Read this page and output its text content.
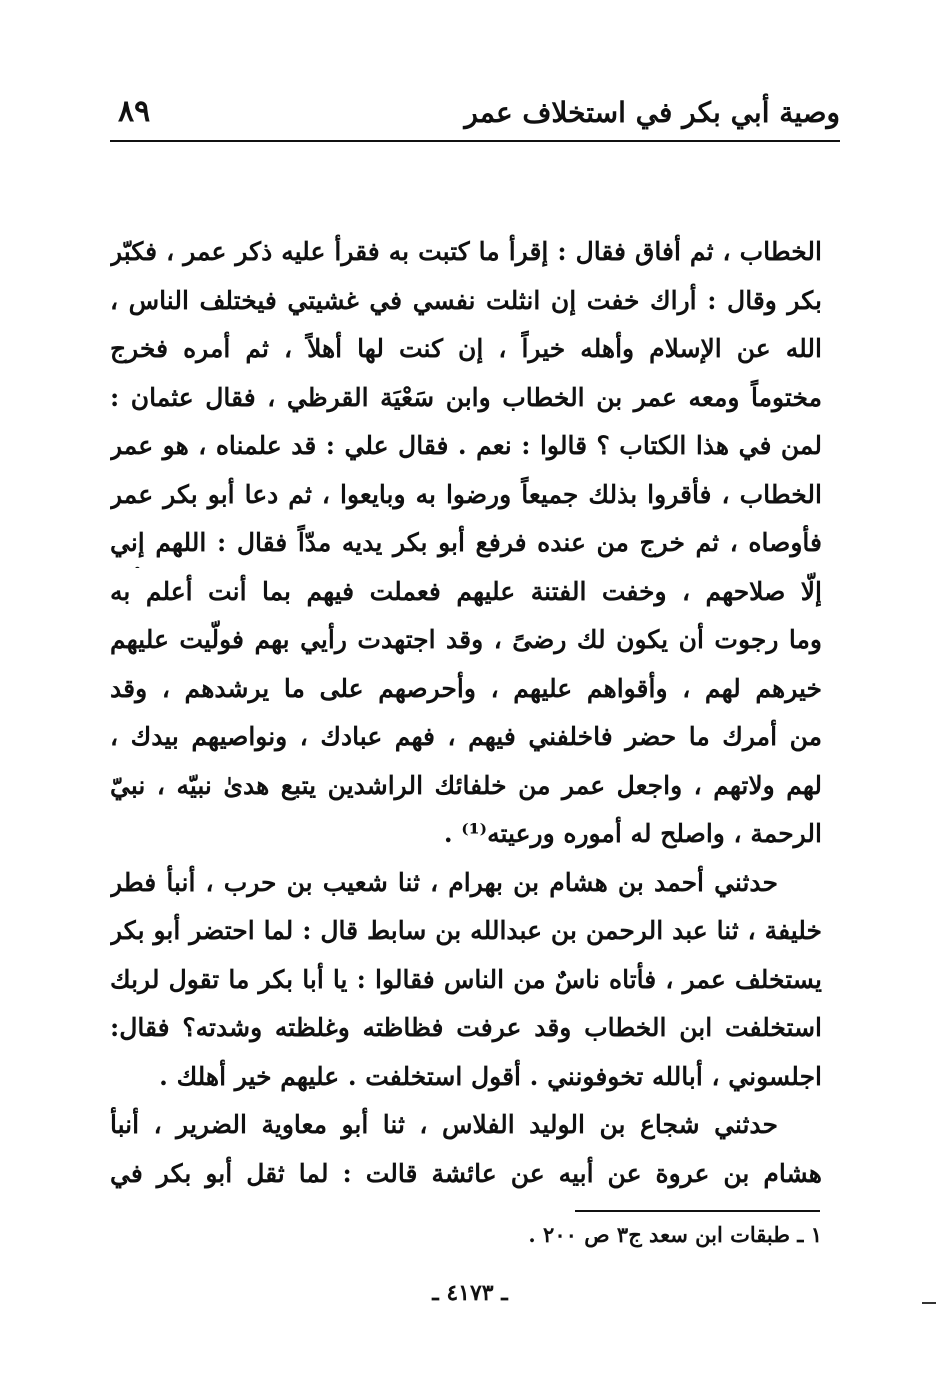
٨٩	وصية أبي بكر في استخلاف عمر
الخطاب ، ثم أفاق فقال : إقرأ ما كتبت به فقرأ عليه ذكر عمر ، فكبّر
بكر وقال : أراك خفت إن انثلت نفسي في غشيتي فيختلف الناس ،
الله عن الإسلام وأهله خيراً ، إن كنت لها أهلاً ، ثم أمره فخرج
مختوماً ومعه عمر بن الخطاب وابن سَعْيَة القرظي ، فقال عثمان :
لمن في هذا الكتاب ؟ قالوا : نعم . فقال علي : قد علمناه ، هو عمر
الخطاب ، فأقروا بذلك جميعاً ورضوا به وبايعوا ، ثم دعا أبو بكر عمر
فأوصاه ، ثم خرج من عنده فرفع أبو بكر يديه مدّاً فقال : اللهم إني
إلّا صلاحهم ، وخفت الفتنة عليهم فعملت فيهم بما أنت أعلم به
وما رجوت أن يكون لك رضىً ، وقد اجتهدت رأيي بهم فولّيت عليهم
خيرهم لهم ، وأقواهم عليهم ، وأحرصهم على ما يرشدهم ، وقد
من أمرك ما حضر فاخلفني فيهم ، فهم عبادك ، ونواصيهم بيدك ،
لهم ولاتهم ، واجعل عمر من خلفائك الراشدين يتبع هدىٰ نبيّه ، نبيّ
الرحمة ، واصلح له أموره ورعيته⁽¹⁾ .
حدثني أحمد بن هشام بن بهرام ، ثنا شعيب بن حرب ، أنبأ فطر
خليفة ، ثنا عبد الرحمن بن عبدالله بن سابط قال : لما احتضر أبو بكر
يستخلف عمر ، فأتاه ناسٌ من الناس فقالوا : يا أبا بكر ما تقول لربك
استخلفت ابن الخطاب وقد عرفت فظاظته وغلظته وشدته؟ فقال:
اجلسوني ، أبالله تخوفونني . أقول استخلفت . عليهم خير أهلك .
حدثني شجاع بن الوليد الفلاس ، ثنا أبو معاوية الضرير ، أنبأ
هشام بن عروة عن أبيه عن عائشة قالت : لما ثقل أبو بكر في
١ ـ طبقات ابن سعد ج٣ ص ٢٠٠ .
ـ ٤١٧٣ ـ
